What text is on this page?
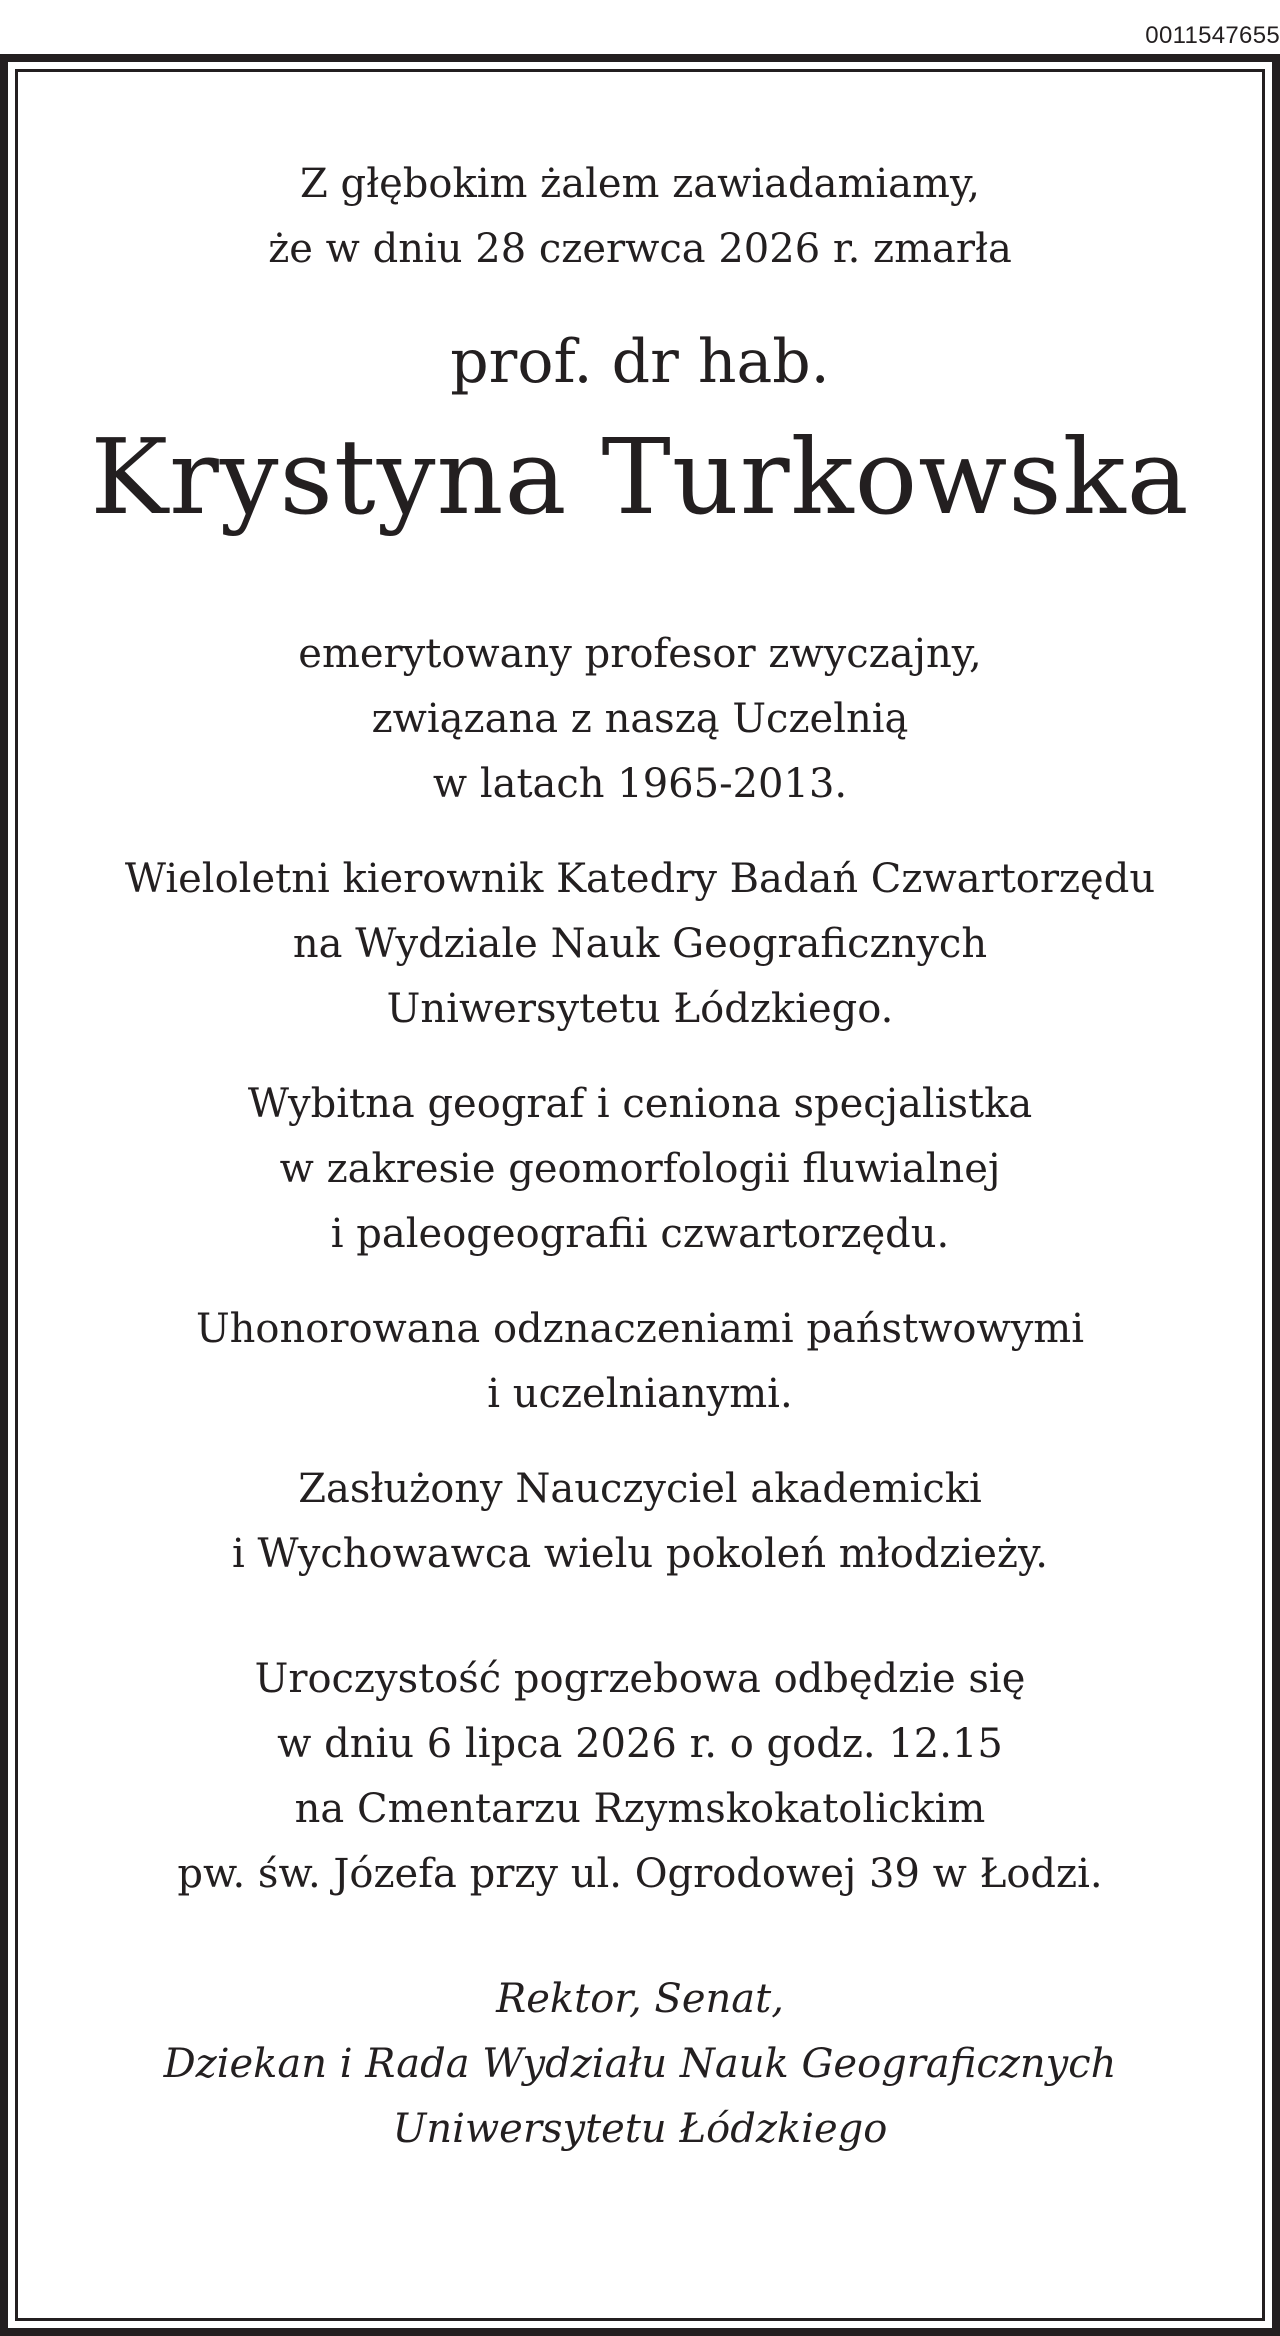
0011547655
Z głębokim żalem zawiadamiamy,
że w dniu 28 czerwca 2026 r. zmarła
prof. dr hab.
Krystyna Turkowska
emerytowany profesor zwyczajny,
związana z naszą Uczelnią
w latach 1965-2013.
Wieloletni kierownik Katedry Badań Czwartorzędu
na Wydziale Nauk Geograficznych
Uniwersytetu Łódzkiego.
Wybitna geograf i ceniona specjalistka
w zakresie geomorfologii fluwialnej
i paleogeografii czwartorzędu.
Uhonorowana odznaczeniami państwowymi
i uczelnianymi.
Zasłużony Nauczyciel akademicki
i Wychowawca wielu pokoleń młodzieży.
Uroczystość pogrzebowa odbędzie się
w dniu 6 lipca 2026 r. o godz. 12.15
na Cmentarzu Rzymskokatolickim
pw. św. Józefa przy ul. Ogrodowej 39 w Łodzi.
Rektor, Senat,
Dziekan i Rada Wydziału Nauk Geograficznych
Uniwersytetu Łódzkiego
